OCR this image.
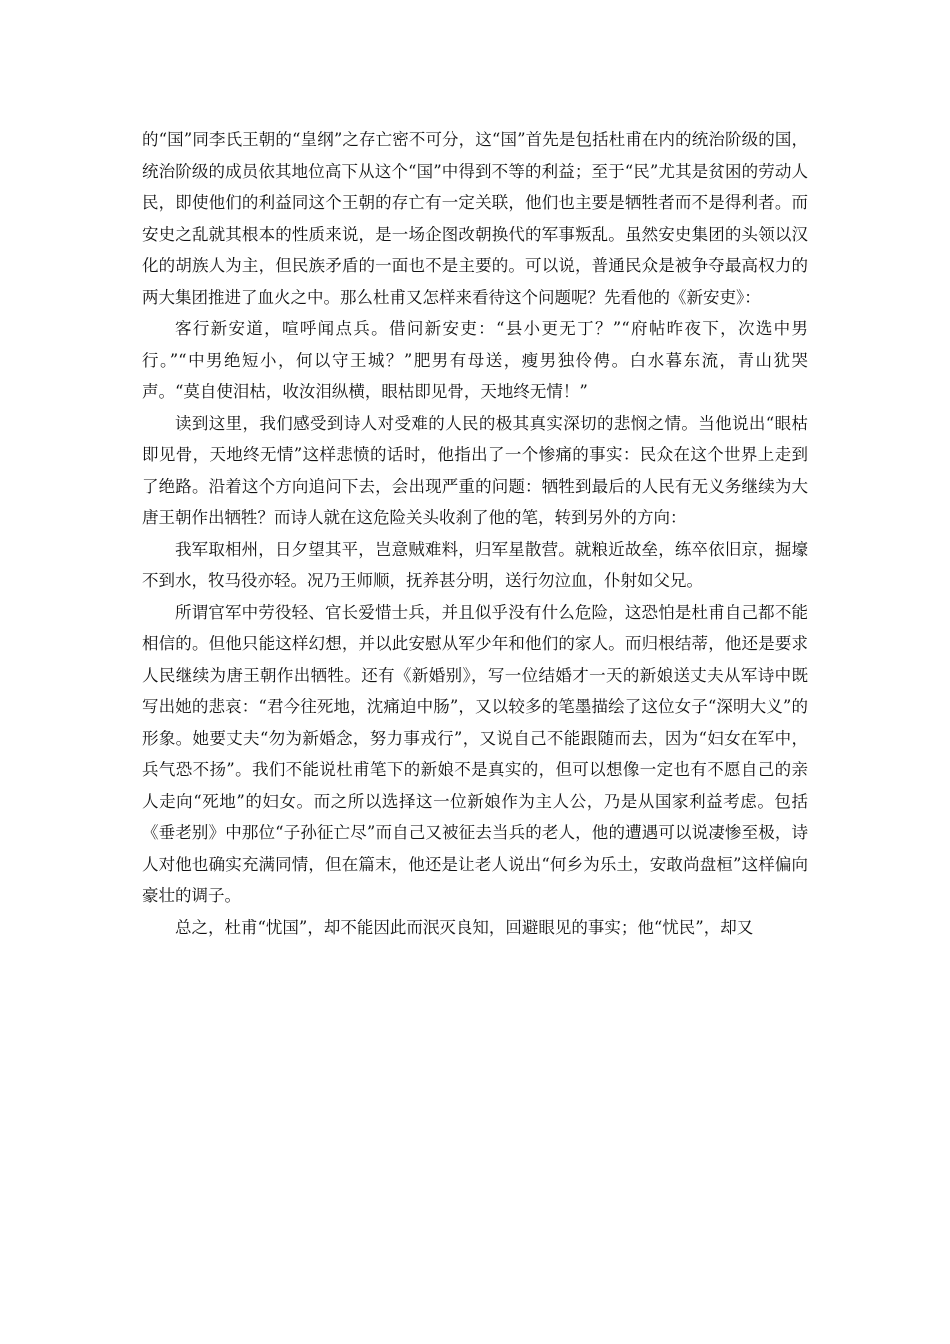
的“国”同李氏王朝的“皇纲”之存亡密不可分，这“国”首先是包括杜甫在内的统治阶级的国，统治阶级的成员依其地位高下从这个“国”中得到不等的利益；至于“民”尤其是贫困的劳动人民，即使他们的利益同这个王朝的存亡有一定关联，他们也主要是牺牲者而不是得利者。而安史之乱就其根本的性质来说，是一场企图改朝换代的军事叛乱。虽然安史集团的头领以汉化的胡族人为主，但民族矛盾的一面也不是主要的。可以说，普通民众是被争夺最高权力的两大集团推进了血火之中。那么杜甫又怎样来看待这个问题呢？先看他的《新安吏》：

客行新安道，喧呼闻点兵。借问新安吏：“县小更无丁？”“府帖昨夜下，次选中男行。”“中男绝短小，何以守王城？”肥男有母送，瘦男独伶俜。白水暮东流，青山犹哭声。“莫自使泪枯，收汝泪纵横，眼枯即见骨，天地终无情！”

读到这里，我们感受到诗人对受难的人民的极其真实深切的悲悯之情。当他说出“眼枯即见骨，天地终无情”这样悲愤的话时，他指出了一个惨痛的事实：民众在这个世界上走到了绝路。沿着这个方向追问下去，会出现严重的问题：牺牲到最后的人民有无义务继续为大唐王朝作出牺牲？而诗人就在这危险关头收刹了他的笔，转到另外的方向：

我军取相州，日夕望其平，岂意贼难料，归军星散营。就粮近故垒，练卒依旧京，掘壕不到水，牧马役亦轻。况乃王师顺，抚养甚分明，送行勿泣血，仆射如父兄。

所谓官军中劳役轻、官长爱惜士兵，并且似乎没有什么危险，这恐怕是杜甫自己都不能相信的。但他只能这样幻想，并以此安慰从军少年和他们的家人。而归根结蒂，他还是要求人民继续为唐王朝作出牺牲。还有《新婚别》，写一位结婚才一天的新娘送丈夫从军诗中既写出她的悲哀：“君今往死地，沈痛迫中肠”，又以较多的笔墨描绘了这位女子“深明大义”的形象。她要丈夫“勿为新婚念，努力事戎行”，又说自己不能跟随而去，因为“妇女在军中，兵气恐不扬”。我们不能说杜甫笔下的新娘不是真实的，但可以想像一定也有不愿自己的亲人走向“死地”的妇女。而之所以选择这一位新娘作为主人公，乃是从国家利益考虑。包括《垂老别》中那位“子孙征亡尽”而自己又被征去当兵的老人，他的遭遇可以说凄惨至极，诗人对他也确实充满同情，但在篇末，他还是让老人说出“何乡为乐土，安敢尚盘桓”这样偏向豪壮的调子。

总之，杜甫“忧国”，却不能因此而泯灭良知，回避眼见的事实；他“忧民”，却又
